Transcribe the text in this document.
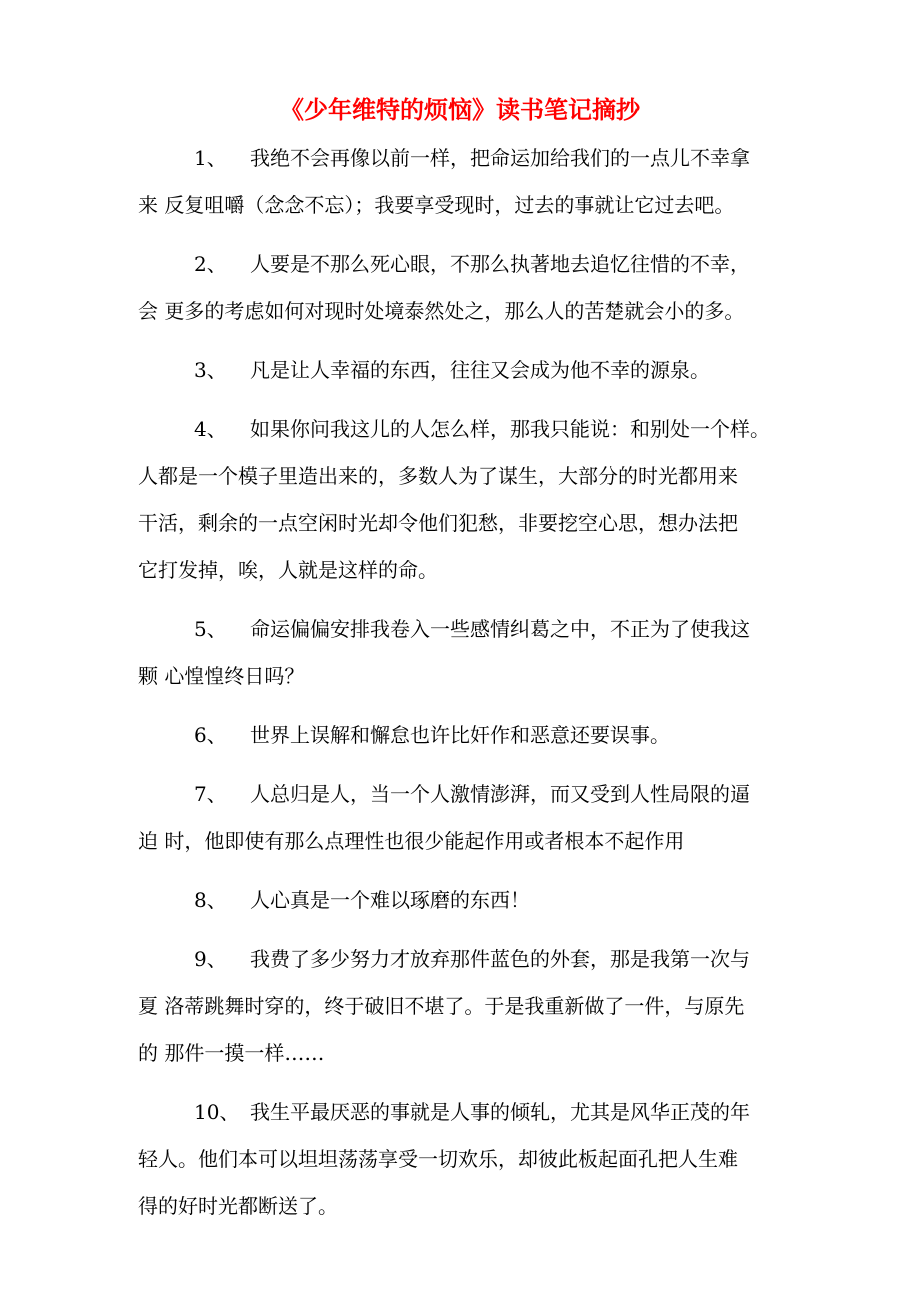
《少年维特的烦恼》读书笔记摘抄
1、 我绝不会再像以前一样，把命运加给我们的一点儿不幸拿
来 反复咀嚼（念念不忘）；我要享受现时，过去的事就让它过去吧。
2、 人要是不那么死心眼，不那么执著地去追忆往惜的不幸，
会 更多的考虑如何对现时处境泰然处之，那么人的苦楚就会小的多。
3、 凡是让人幸福的东西，往往又会成为他不幸的源泉。
4、 如果你问我这儿的人怎么样，那我只能说：和别处一个样。
人都是一个模子里造出来的，多数人为了谋生，大部分的时光都用来
干活，剩余的一点空闲时光却令他们犯愁，非要挖空心思，想办法把
它打发掉，唉，人就是这样的命。
5、 命运偏偏安排我卷入一些感情纠葛之中，不正为了使我这
颗 心惶惶终日吗？
6、 世界上误解和懈怠也许比奸作和恶意还要误事。
7、 人总归是人，当一个人激情澎湃，而又受到人性局限的逼
迫 时，他即使有那么点理性也很少能起作用或者根本不起作用
8、 人心真是一个难以琢磨的东西！
9、 我费了多少努力才放弃那件蓝色的外套，那是我第一次与
夏 洛蒂跳舞时穿的，终于破旧不堪了。于是我重新做了一件，与原先
的 那件一摸一样……
10、 我生平最厌恶的事就是人事的倾轧，尤其是风华正茂的年
轻人。他们本可以坦坦荡荡享受一切欢乐，却彼此板起面孔把人生难
得的好时光都断送了。
